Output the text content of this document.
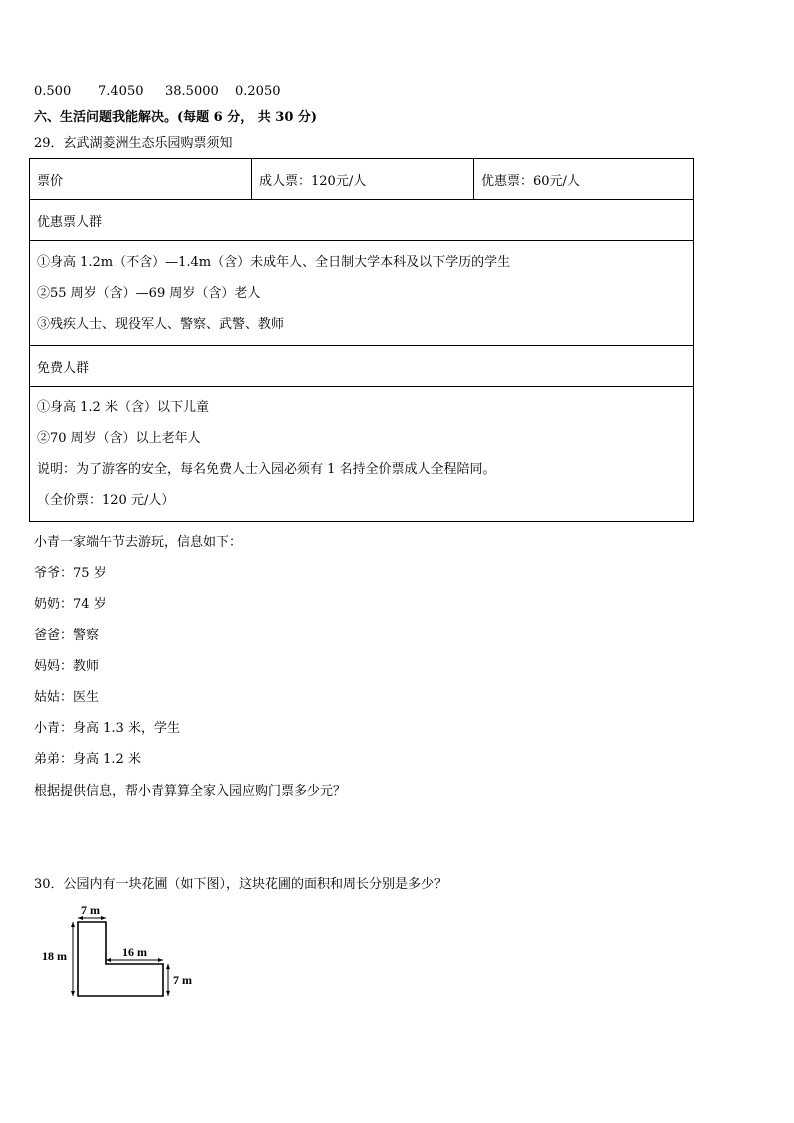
0.500 7.4050 38.5000 0.2050
六、生活问题我能解决。(每题 6 分， 共 30 分)
29．玄武湖菱洲生态乐园购票须知
票价	成人票：120元/人	优惠票：60元/人
优惠票人群

①身高 1.2m（不含）—1.4m（含）未成年人、全日制大学本科及以下学历的学生
②55 周岁（含）—69 周岁（含）老人
③残疾人士、现役军人、警察、武警、教师

免费人群

①身高 1.2 米（含）以下儿童
②70 周岁（含）以上老年人
说明：为了游客的安全，每名免费人士入园必须有 1 名持全价票成人全程陪同。
（全价票：120 元/人）
小青一家端午节去游玩，信息如下：
爷爷：75 岁
奶奶：74 岁
爸爸：警察
妈妈：教师
姑姑：医生
小青：身高 1.3 米，学生
弟弟：身高 1.2 米
根据提供信息，帮小青算算全家入园应购门票多少元？
30．公园内有一块花圃（如下图），这块花圃的面积和周长分别是多少？
7 m
18 m	16 m
7 m
